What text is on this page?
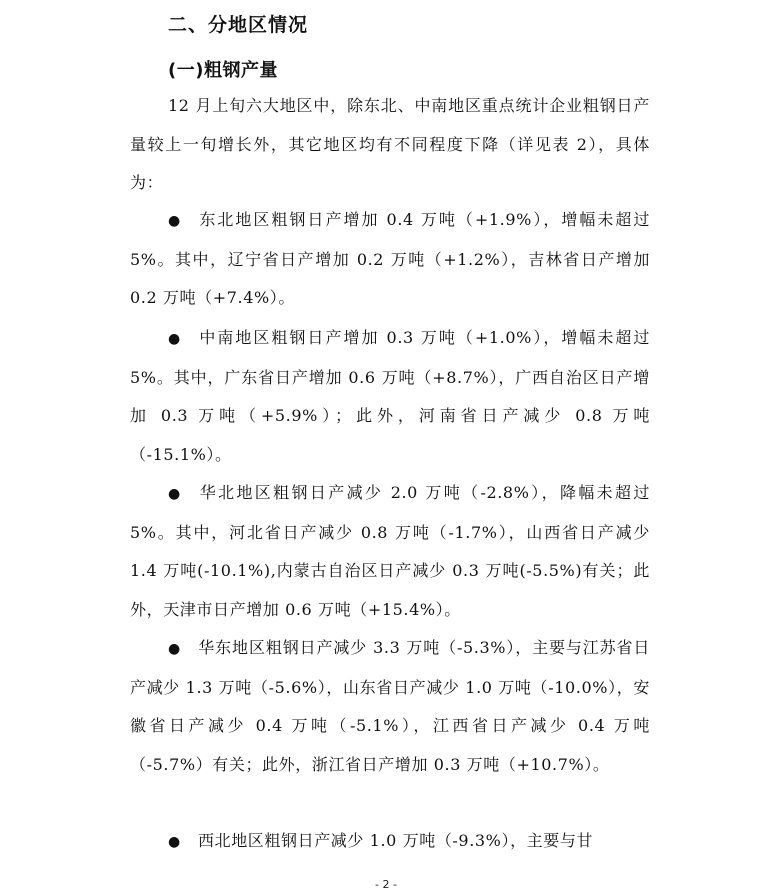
二、分地区情况
(一)粗钢产量

12 月上旬六大地区中，除东北、中南地区重点统计企业粗钢日产量较上一旬增长外，其它地区均有不同程度下降（详见表 2），具体为：

● 东北地区粗钢日产增加 0.4 万吨（+1.9%），增幅未超过 5%。其中，辽宁省日产增加 0.2 万吨（+1.2%），吉林省日产增加 0.2 万吨（+7.4%）。

● 中南地区粗钢日产增加 0.3 万吨（+1.0%），增幅未超过 5%。其中，广东省日产增加 0.6 万吨（+8.7%），广西自治区日产增加 0.3 万吨（+5.9%）；此外，河南省日产减少 0.8 万吨（-15.1%）。

● 华北地区粗钢日产减少 2.0 万吨（-2.8%），降幅未超过 5%。其中，河北省日产减少 0.8 万吨（-1.7%），山西省日产减少 1.4 万吨(-10.1%),内蒙古自治区日产减少 0.3 万吨(-5.5%)有关；此外，天津市日产增加 0.6 万吨（+15.4%）。

● 华东地区粗钢日产减少 3.3 万吨（-5.3%），主要与江苏省日产减少 1.3 万吨（-5.6%），山东省日产减少 1.0 万吨（-10.0%），安徽省日产减少 0.4 万吨（-5.1%），江西省日产减少 0.4 万吨（-5.7%）有关；此外，浙江省日产增加 0.3 万吨（+10.7%）。

● 西北地区粗钢日产减少 1.0 万吨（-9.3%），主要与甘

- 2 -
